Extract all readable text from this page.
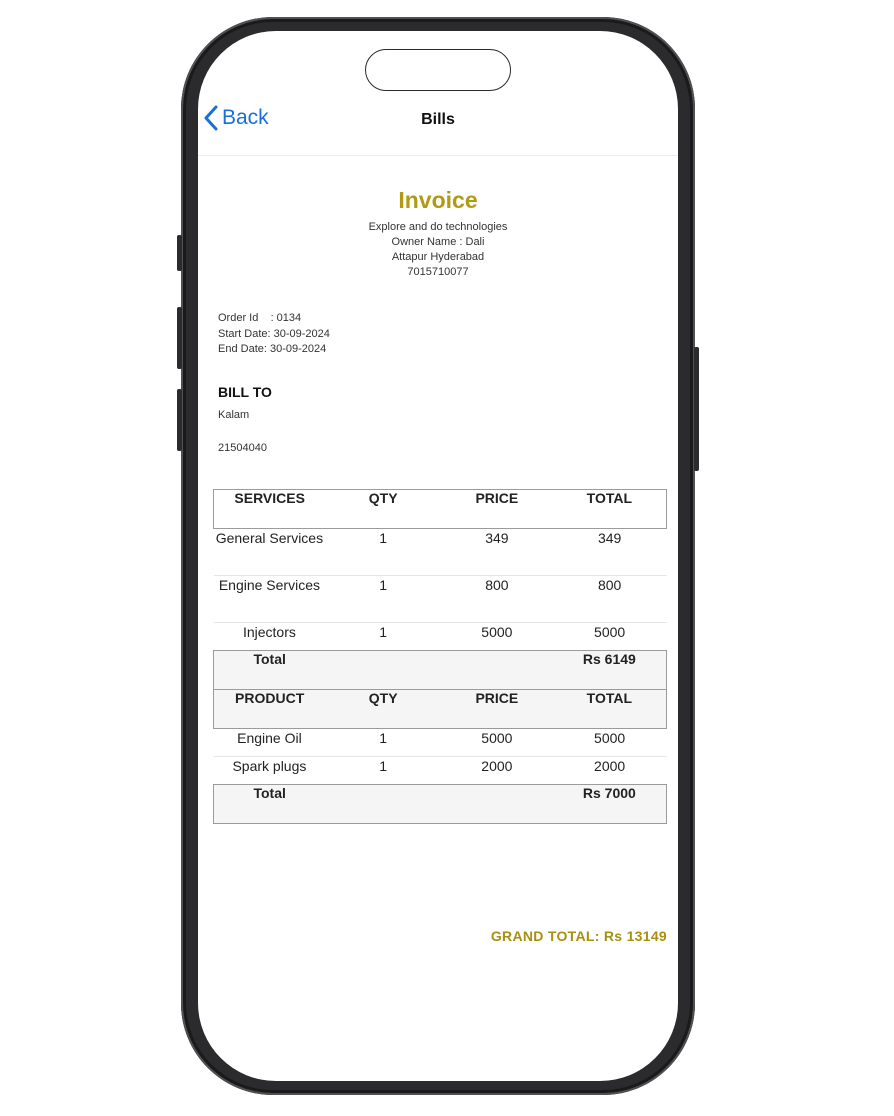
Back	Bills
Invoice
Explore and do technologies
Owner Name : Dali
Attapur Hyderabad
7015710077
Order Id    : 0134
Start Date: 30-09-2024
End Date: 30-09-2024
BILL TO
Kalam
21504040
SERVICES	QTY	PRICE	TOTAL
General Services	1	349	349
Engine Services	1	800	800
Injectors	1	5000	5000
Total			Rs 6149
PRODUCT	QTY	PRICE	TOTAL
Engine Oil	1	5000	5000
Spark plugs	1	2000	2000
Total			Rs 7000
GRAND TOTAL: Rs 13149
